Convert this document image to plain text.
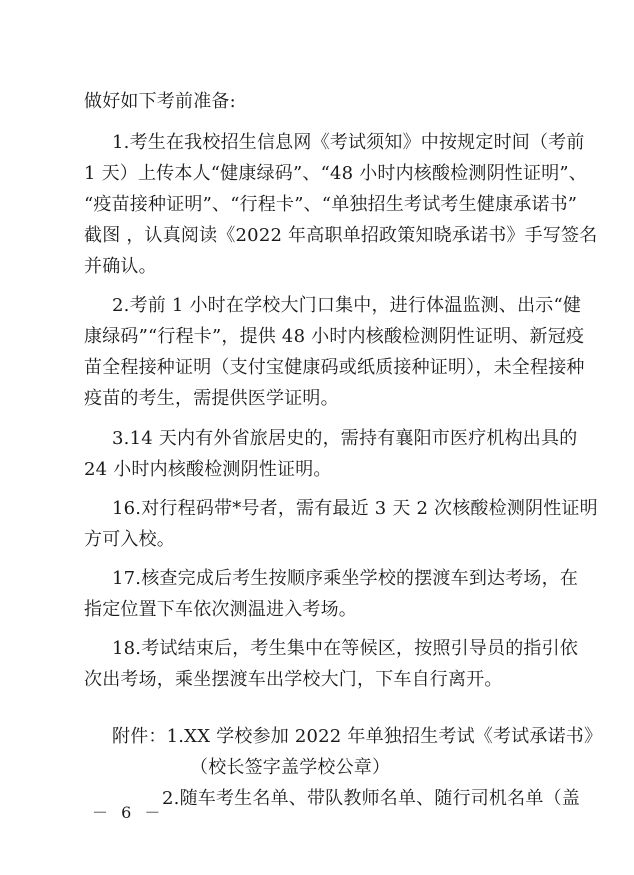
做好如下考前准备:
1.考生在我校招生信息网《考试须知》中按规定时间（考前
1 天）上传本人“健康绿码”、“48 小时内核酸检测阴性证明”、
“疫苗接种证明”、“行程卡”、“单独招生考试考生健康承诺书”
截图 ，认真阅读《2022 年高职单招政策知晓承诺书》手写签名
并确认。
2.考前 1 小时在学校大门口集中，进行体温监测、出示“健
康绿码”“行程卡”，提供 48 小时内核酸检测阴性证明、新冠疫
苗全程接种证明（支付宝健康码或纸质接种证明），未全程接种
疫苗的考生，需提供医学证明。
3.14 天内有外省旅居史的，需持有襄阳市医疗机构出具的
24 小时内核酸检测阴性证明。
16.对行程码带*号者，需有最近 3 天 2 次核酸检测阴性证明
方可入校。
17.核查完成后考生按顺序乘坐学校的摆渡车到达考场，在
指定位置下车依次测温进入考场。
18.考试结束后，考生集中在等候区，按照引导员的指引依
次出考场，乘坐摆渡车出学校大门，下车自行离开。
附件：1.XX 学校参加 2022 年单独招生考试《考试承诺书》
（校长签字盖学校公章）
2.随车考生名单、带队教师名单、随行司机名单（盖
－ 6 －
